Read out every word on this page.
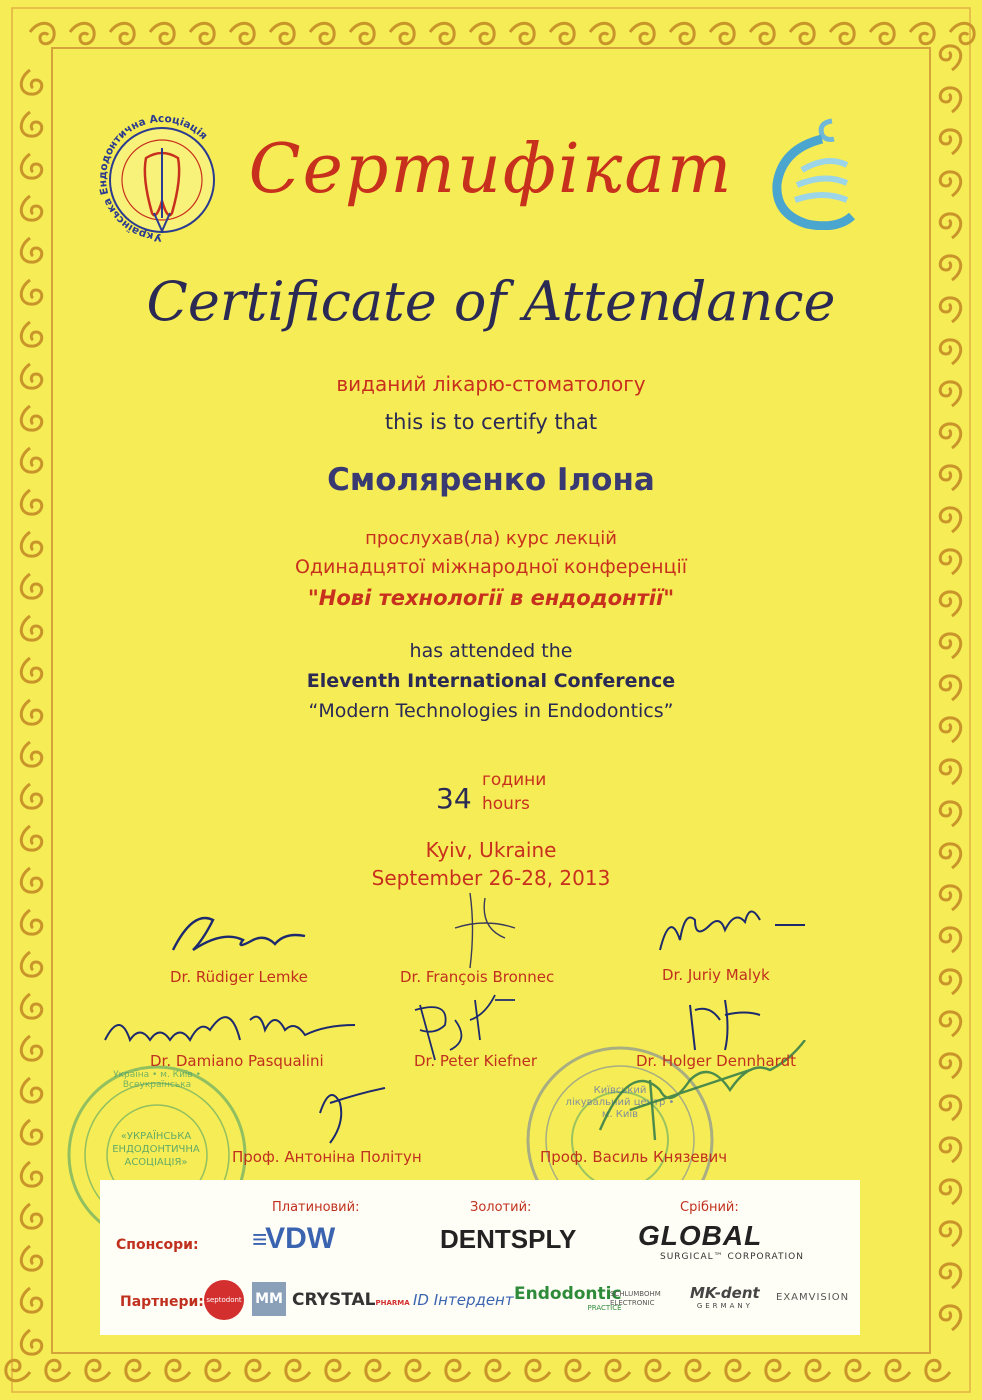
Українська Ендодонтична Асоціація Сертифікат
Certificate of Attendance
виданий лікарю-стоматологу
this is to certify that
Смоляренко Ілона
прослухав(ла) курс лекцій
Одинадцятої міжнародної конференції
"Нові технології в ендодонтії"
has attended the
Eleventh International Conference
“Modern Technologies in Endodontics”
34
години
hours
Kyiv, Ukraine
September 26-28, 2013
«УКРАЇНСЬКА ЕНДОДОНТИЧНА АСОЦІАЦІЯ»
Україна • м. Київ • Всеукраїнська	Київський лікувальний центр • м. Київ
Dr. Rüdiger Lemke	Dr. François Bronnec	Dr. Juriy Malyk
Dr. Damiano Pasqualini	Dr. Peter Kiefner	Dr. Holger Dennhardt
Проф. Антоніна Політун	Проф. Василь Князевич
Спонсори:
Платиновий:
≡VDW
Золотий:
DENTSPLY
Срібний:
GLOBAL
SURGICAL™ CORPORATION
Партнери: septodont MM CRYSTALPHARMA ID Інтердент Endodontic
PRACTICE
SCHLUMBOHM
ELECTRONIC
MK-dent
GERMANY
EXAMVISION
